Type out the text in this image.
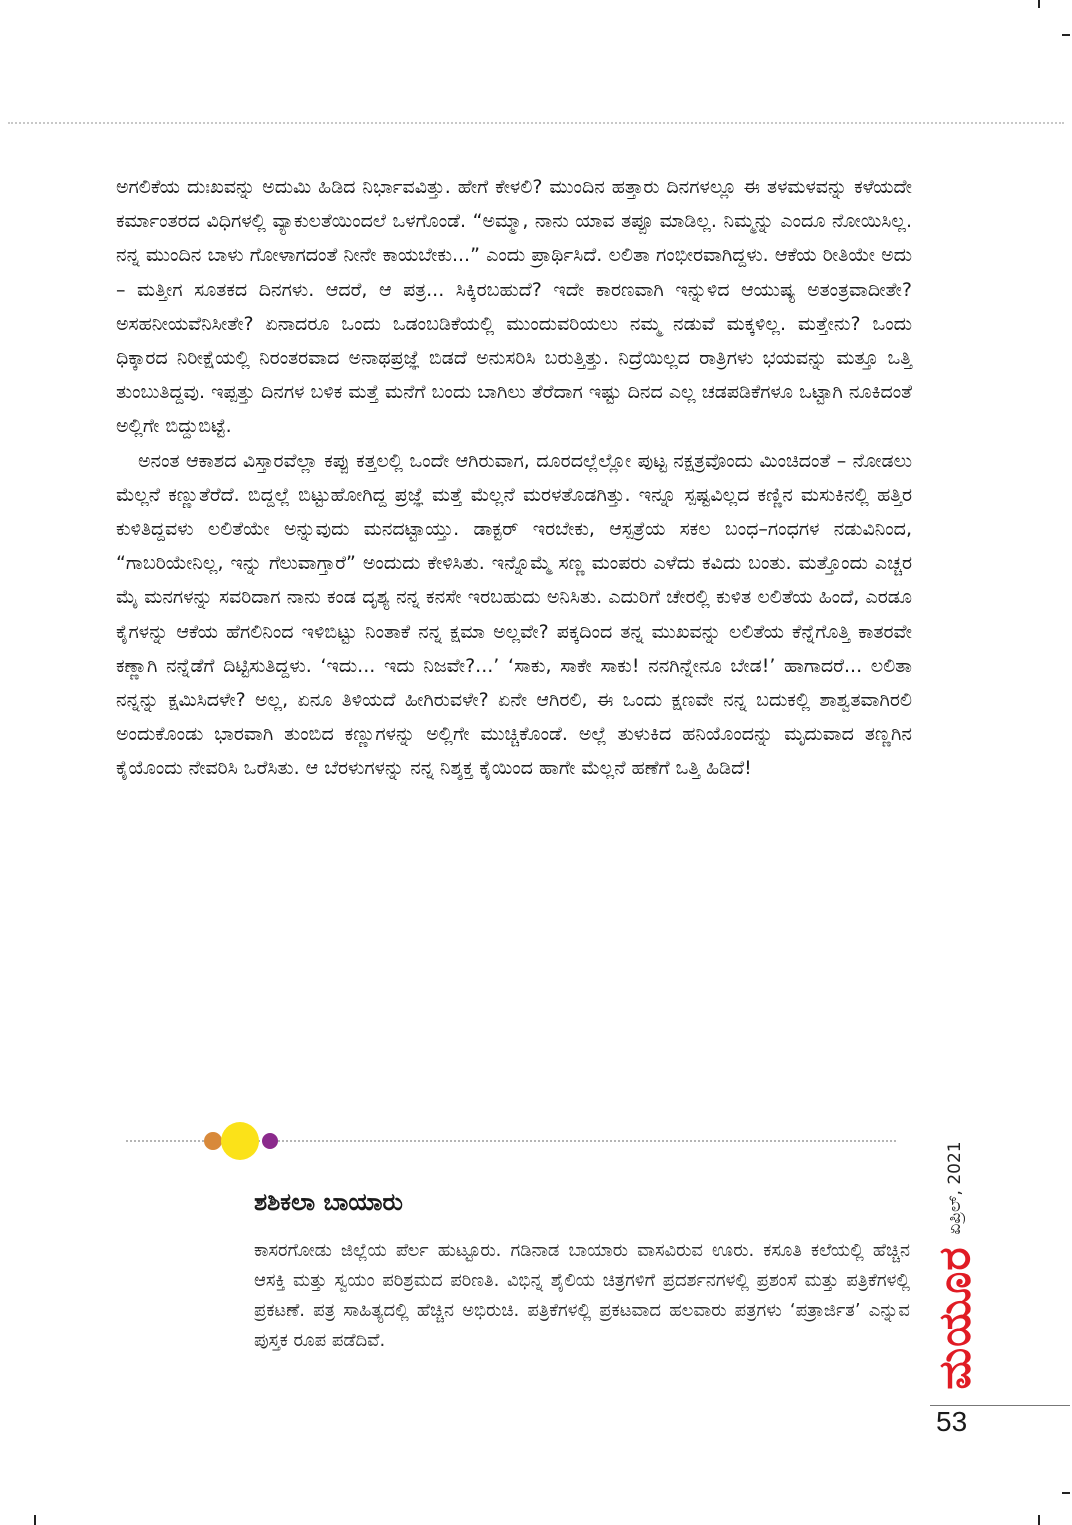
ಅಗಲಿಕೆಯ ದುಃಖವನ್ನು ಅದುಮಿ ಹಿಡಿದ ನಿರ್ಭಾವವಿತ್ತು. ಹೇಗೆ ಕೇಳಲಿ? ಮುಂದಿನ ಹತ್ತಾರು ದಿನಗಳಲ್ಲೂ ಈ ತಳಮಳವನ್ನು ಕಳೆಯದೇ ಕರ್ಮಾಂತರದ ವಿಧಿಗಳಲ್ಲಿ ವ್ಯಾಕುಲತೆಯಿಂದಲೆ ಒಳಗೊಂಡೆ. “ಅಮ್ಮಾ, ನಾನು ಯಾವ ತಪ್ಪೂ ಮಾಡಿಲ್ಲ. ನಿಮ್ಮನ್ನು ಎಂದೂ ನೋಯಿಸಿಲ್ಲ. ನನ್ನ ಮುಂದಿನ ಬಾಳು ಗೋಳಾಗದಂತೆ ನೀನೇ ಕಾಯಬೇಕು...” ಎಂದು ಪ್ರಾರ್ಥಿಸಿದೆ. ಲಲಿತಾ ಗಂಭೀರವಾಗಿದ್ದಳು. ಆಕೆಯ ರೀತಿಯೇ ಅದು – ಮತ್ತೀಗ ಸೂತಕದ ದಿನಗಳು. ಆದರೆ, ಆ ಪತ್ರ... ಸಿಕ್ಕಿರಬಹುದೆ? ಇದೇ ಕಾರಣವಾಗಿ ಇನ್ನುಳಿದ ಆಯುಷ್ಯ ಅತಂತ್ರವಾದೀತೇ? ಅಸಹನೀಯವೆನಿಸೀತೇ? ಏನಾದರೂ ಒಂದು ಒಡಂಬಡಿಕೆಯಲ್ಲಿ ಮುಂದುವರಿಯಲು ನಮ್ಮ ನಡುವೆ ಮಕ್ಕಳಿಲ್ಲ. ಮತ್ತೇನು? ಒಂದು ಧಿಕ್ಕಾರದ ನಿರೀಕ್ಷೆಯಲ್ಲಿ ನಿರಂತರವಾದ ಅನಾಥಪ್ರಜ್ಞೆ ಬಿಡದೆ ಅನುಸರಿಸಿ ಬರುತ್ತಿತ್ತು. ನಿದ್ರೆಯಿಲ್ಲದ ರಾತ್ರಿಗಳು ಭಯವನ್ನು ಮತ್ತೂ ಒತ್ತಿ ತುಂಬುತಿದ್ದವು. ಇಪ್ಪತ್ತು ದಿನಗಳ ಬಳಿಕ ಮತ್ತೆ ಮನೆಗೆ ಬಂದು ಬಾಗಿಲು ತೆರೆದಾಗ ಇಷ್ಟು ದಿನದ ಎಲ್ಲ ಚಡಪಡಿಕೆಗಳೂ ಒಟ್ಟಾಗಿ ನೂಕಿದಂತೆ ಅಲ್ಲಿಗೇ ಬಿದ್ದುಬಿಟ್ಟೆ.

ಅನಂತ ಆಕಾಶದ ವಿಸ್ತಾರವೆಲ್ಲಾ ಕಪ್ಪು ಕತ್ತಲಲ್ಲಿ ಒಂದೇ ಆಗಿರುವಾಗ, ದೂರದಲ್ಲೆಲ್ಲೋ ಪುಟ್ಟ ನಕ್ಷತ್ರವೊಂದು ಮಿಂಚಿದಂತೆ – ನೋಡಲು ಮೆಲ್ಲನೆ ಕಣ್ಣುತೆರೆದೆ. ಬಿದ್ದಲ್ಲೆ ಬಿಟ್ಟುಹೋಗಿದ್ದ ಪ್ರಜ್ಞೆ ಮತ್ತೆ ಮೆಲ್ಲನೆ ಮರಳತೊಡಗಿತ್ತು. ಇನ್ನೂ ಸ್ಪಷ್ಟವಿಲ್ಲದ ಕಣ್ಣಿನ ಮಸುಕಿನಲ್ಲಿ ಹತ್ತಿರ ಕುಳಿತಿದ್ದವಳು ಲಲಿತೆಯೇ ಅನ್ನುವುದು ಮನದಟ್ಟಾಯ್ತು. ಡಾಕ್ಟರ್ ಇರಬೇಕು, ಆಸ್ಪತ್ರೆಯ ಸಕಲ ಬಂಧ–ಗಂಧಗಳ ನಡುವಿನಿಂದ, “ಗಾಬರಿಯೇನಿಲ್ಲ, ಇನ್ನು ಗೆಲುವಾಗ್ತಾರೆ” ಅಂದುದು ಕೇಳಿಸಿತು. ಇನ್ನೊಮ್ಮೆ ಸಣ್ಣ ಮಂಪರು ಎಳೆದು ಕವಿದು ಬಂತು. ಮತ್ತೊಂದು ಎಚ್ಚರ ಮೈ ಮನಗಳನ್ನು ಸವರಿದಾಗ ನಾನು ಕಂಡ ದೃಶ್ಯ ನನ್ನ ಕನಸೇ ಇರಬಹುದು ಅನಿಸಿತು. ಎದುರಿಗೆ ಚೇರಲ್ಲಿ ಕುಳಿತ ಲಲಿತೆಯ ಹಿಂದೆ, ಎರಡೂ ಕೈಗಳನ್ನು ಆಕೆಯ ಹೆಗಲಿನಿಂದ ಇಳಿಬಿಟ್ಟು ನಿಂತಾಕೆ ನನ್ನ ಕ್ಷಮಾ ಅಲ್ಲವೇ? ಪಕ್ಕದಿಂದ ತನ್ನ ಮುಖವನ್ನು ಲಲಿತೆಯ ಕೆನ್ನೆಗೊತ್ತಿ ಕಾತರವೇ ಕಣ್ಣಾಗಿ ನನ್ನೆಡೆಗೆ ದಿಟ್ಟಿಸುತಿದ್ದಳು. ‘ಇದು... ಇದು ನಿಜವೇ?...’ ‘ಸಾಕು, ಸಾಕೇ ಸಾಕು! ನನಗಿನ್ನೇನೂ ಬೇಡ!’ ಹಾಗಾದರೆ... ಲಲಿತಾ ನನ್ನನ್ನು ಕ್ಷಮಿಸಿದಳೇ? ಅಲ್ಲ, ಏನೂ ತಿಳಿಯದೆ ಹೀಗಿರುವಳೇ? ಏನೇ ಆಗಿರಲಿ, ಈ ಒಂದು ಕ್ಷಣವೇ ನನ್ನ ಬದುಕಲ್ಲಿ ಶಾಶ್ವತವಾಗಿರಲಿ ಅಂದುಕೊಂಡು ಭಾರವಾಗಿ ತುಂಬಿದ ಕಣ್ಣುಗಳನ್ನು ಅಲ್ಲಿಗೇ ಮುಚ್ಚಿಕೊಂಡೆ. ಅಲ್ಲೆ ತುಳುಕಿದ ಹನಿಯೊಂದನ್ನು ಮೃದುವಾದ ತಣ್ಣಗಿನ ಕೈಯೊಂದು ನೇವರಿಸಿ ಒರೆಸಿತು. ಆ ಬೆರಳುಗಳನ್ನು ನನ್ನ ನಿಶ್ಶಕ್ತ ಕೈಯಿಂದ ಹಾಗೇ ಮೆಲ್ಲನೆ ಹಣೆಗೆ ಒತ್ತಿ ಹಿಡಿದೆ!

ಶಶಿಕಲಾ ಬಾಯಾರು
ಕಾಸರಗೋಡು ಜಿಲ್ಲೆಯ ಪೆರ್ಲ ಹುಟ್ಟೂರು. ಗಡಿನಾಡ ಬಾಯಾರು ವಾಸವಿರುವ ಊರು. ಕಸೂತಿ ಕಲೆಯಲ್ಲಿ ಹೆಚ್ಚಿನ ಆಸಕ್ತಿ ಮತ್ತು ಸ್ವಯಂ ಪರಿಶ್ರಮದ ಪರಿಣತಿ. ವಿಭಿನ್ನ ಶೈಲಿಯ ಚಿತ್ರಗಳಿಗೆ ಪ್ರದರ್ಶನಗಳಲ್ಲಿ ಪ್ರಶಂಸೆ ಮತ್ತು ಪತ್ರಿಕೆಗಳಲ್ಲಿ ಪ್ರಕಟಣೆ. ಪತ್ರ ಸಾಹಿತ್ಯದಲ್ಲಿ ಹೆಚ್ಚಿನ ಅಭಿರುಚಿ. ಪತ್ರಿಕೆಗಳಲ್ಲಿ ಪ್ರಕಟವಾದ ಹಲವಾರು ಪತ್ರಗಳು ‘ಪತ್ರಾರ್ಜಿತ’ ಎನ್ನುವ ಪುಸ್ತಕ ರೂಪ ಪಡೆದಿವೆ.
ಏಪ್ರಿಲ್, 2021
ಮಯೂರ
53
